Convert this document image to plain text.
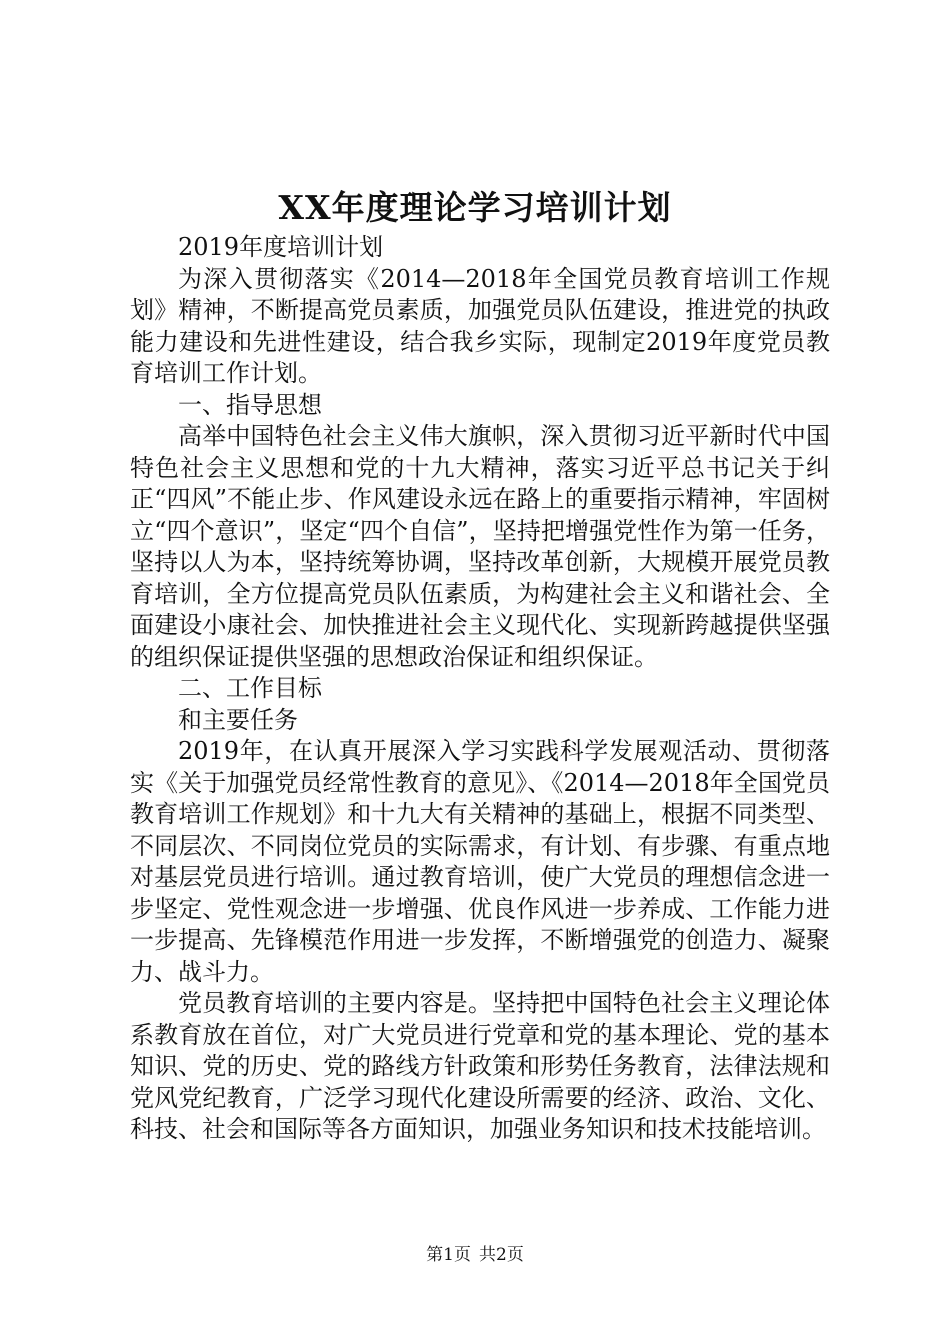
XX年度理论学习培训计划

2019年度培训计划

为深入贯彻落实《2014—2018年全国党员教育培训工作规划》精神，不断提高党员素质，加强党员队伍建设，推进党的执政能力建设和先进性建设，结合我乡实际，现制定2019年度党员教育培训工作计划。

一、指导思想

高举中国特色社会主义伟大旗帜，深入贯彻习近平新时代中国特色社会主义思想和党的十九大精神，落实习近平总书记关于纠正“四风”不能止步、作风建设永远在路上的重要指示精神，牢固树立“四个意识”，坚定“四个自信”，坚持把增强党性作为第一任务，坚持以人为本，坚持统筹协调，坚持改革创新，大规模开展党员教育培训，全方位提高党员队伍素质，为构建社会主义和谐社会、全面建设小康社会、加快推进社会主义现代化、实现新跨越提供坚强的组织保证提供坚强的思想政治保证和组织保证。

二、工作目标

和主要任务

2019年，在认真开展深入学习实践科学发展观活动、贯彻落实《关于加强党员经常性教育的意见》、《2014—2018年全国党员教育培训工作规划》和十九大有关精神的基础上，根据不同类型、不同层次、不同岗位党员的实际需求，有计划、有步骤、有重点地对基层党员进行培训。通过教育培训，使广大党员的理想信念进一步坚定、党性观念进一步增强、优良作风进一步养成、工作能力进一步提高、先锋模范作用进一步发挥，不断增强党的创造力、凝聚力、战斗力。

党员教育培训的主要内容是。坚持把中国特色社会主义理论体系教育放在首位，对广大党员进行党章和党的基本理论、党的基本知识、党的历史、党的路线方针政策和形势任务教育，法律法规和党风党纪教育，广泛学习现代化建设所需要的经济、政治、文化、科技、社会和国际等各方面知识，加强业务知识和技术技能培训。

第1页 共2页
